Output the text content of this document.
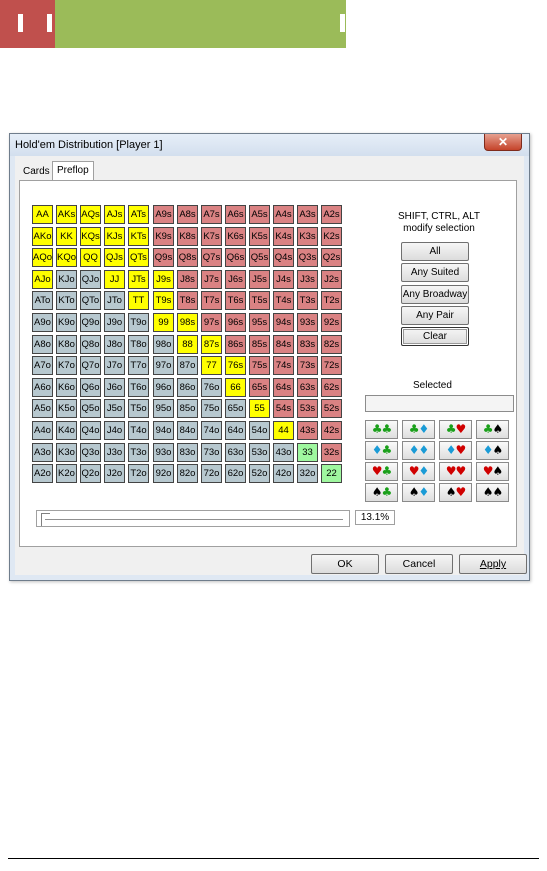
Hold'em Distribution [Player 1]	✕
Cards Preflop
AA AKs AQs AJs ATs A9s A8s A7s A6s A5s A4s A3s A2s
AKo KK KQs KJs KTs K9s K8s K7s K6s K5s K4s K3s K2s
AQo KQo QQ QJs QTs Q9s Q8s Q7s Q6s Q5s Q4s Q3s Q2s
AJo KJo QJo	JJ	JTs	J9s J8s J7s J6s J5s J4s J3s J2s
ATo KTo QTo JTo	TT	T9s T8s T7s T6s T5s T4s T3s T2s
A9o K9o Q9o J9o T9o	99	98s 97s 96s 95s 94s 93s 92s
A8o K8o Q8o J8o T8o 98o	88	87s 86s 85s 84s 83s 82s
A7o K7o Q7o J7o T7o 97o 87o	77	76s 75s 74s 73s 72s
A6o K6o Q6o J6o T6o 96o 86o 76o	66	65s 64s 63s 62s
A5o K5o Q5o J5o T5o 95o 85o 75o 65o	55	54s 53s 52s
A4o K4o Q4o J4o T4o 94o 84o 74o 64o 54o	44	43s 42s
A3o K3o Q3o J3o T3o 93o 83o 73o 63o 53o 43o	33	32s
A2o K2o Q2o J2o T2o 92o 82o 72o 62o 52o 42o 32o	22
SHIFT, CTRL, ALT
modify selection
All
Any Suited
Any Broadway
Any Pair
Clear
Selected
♣♣	♣♦	♣♥	♣♠
♦♣	♦♦	♦♥	♦♠
♥♣	♥♦	♥♥	♥♠
♠♣	♠♦	♠♥	♠♠
13.1%
OK	Cancel	Apply
